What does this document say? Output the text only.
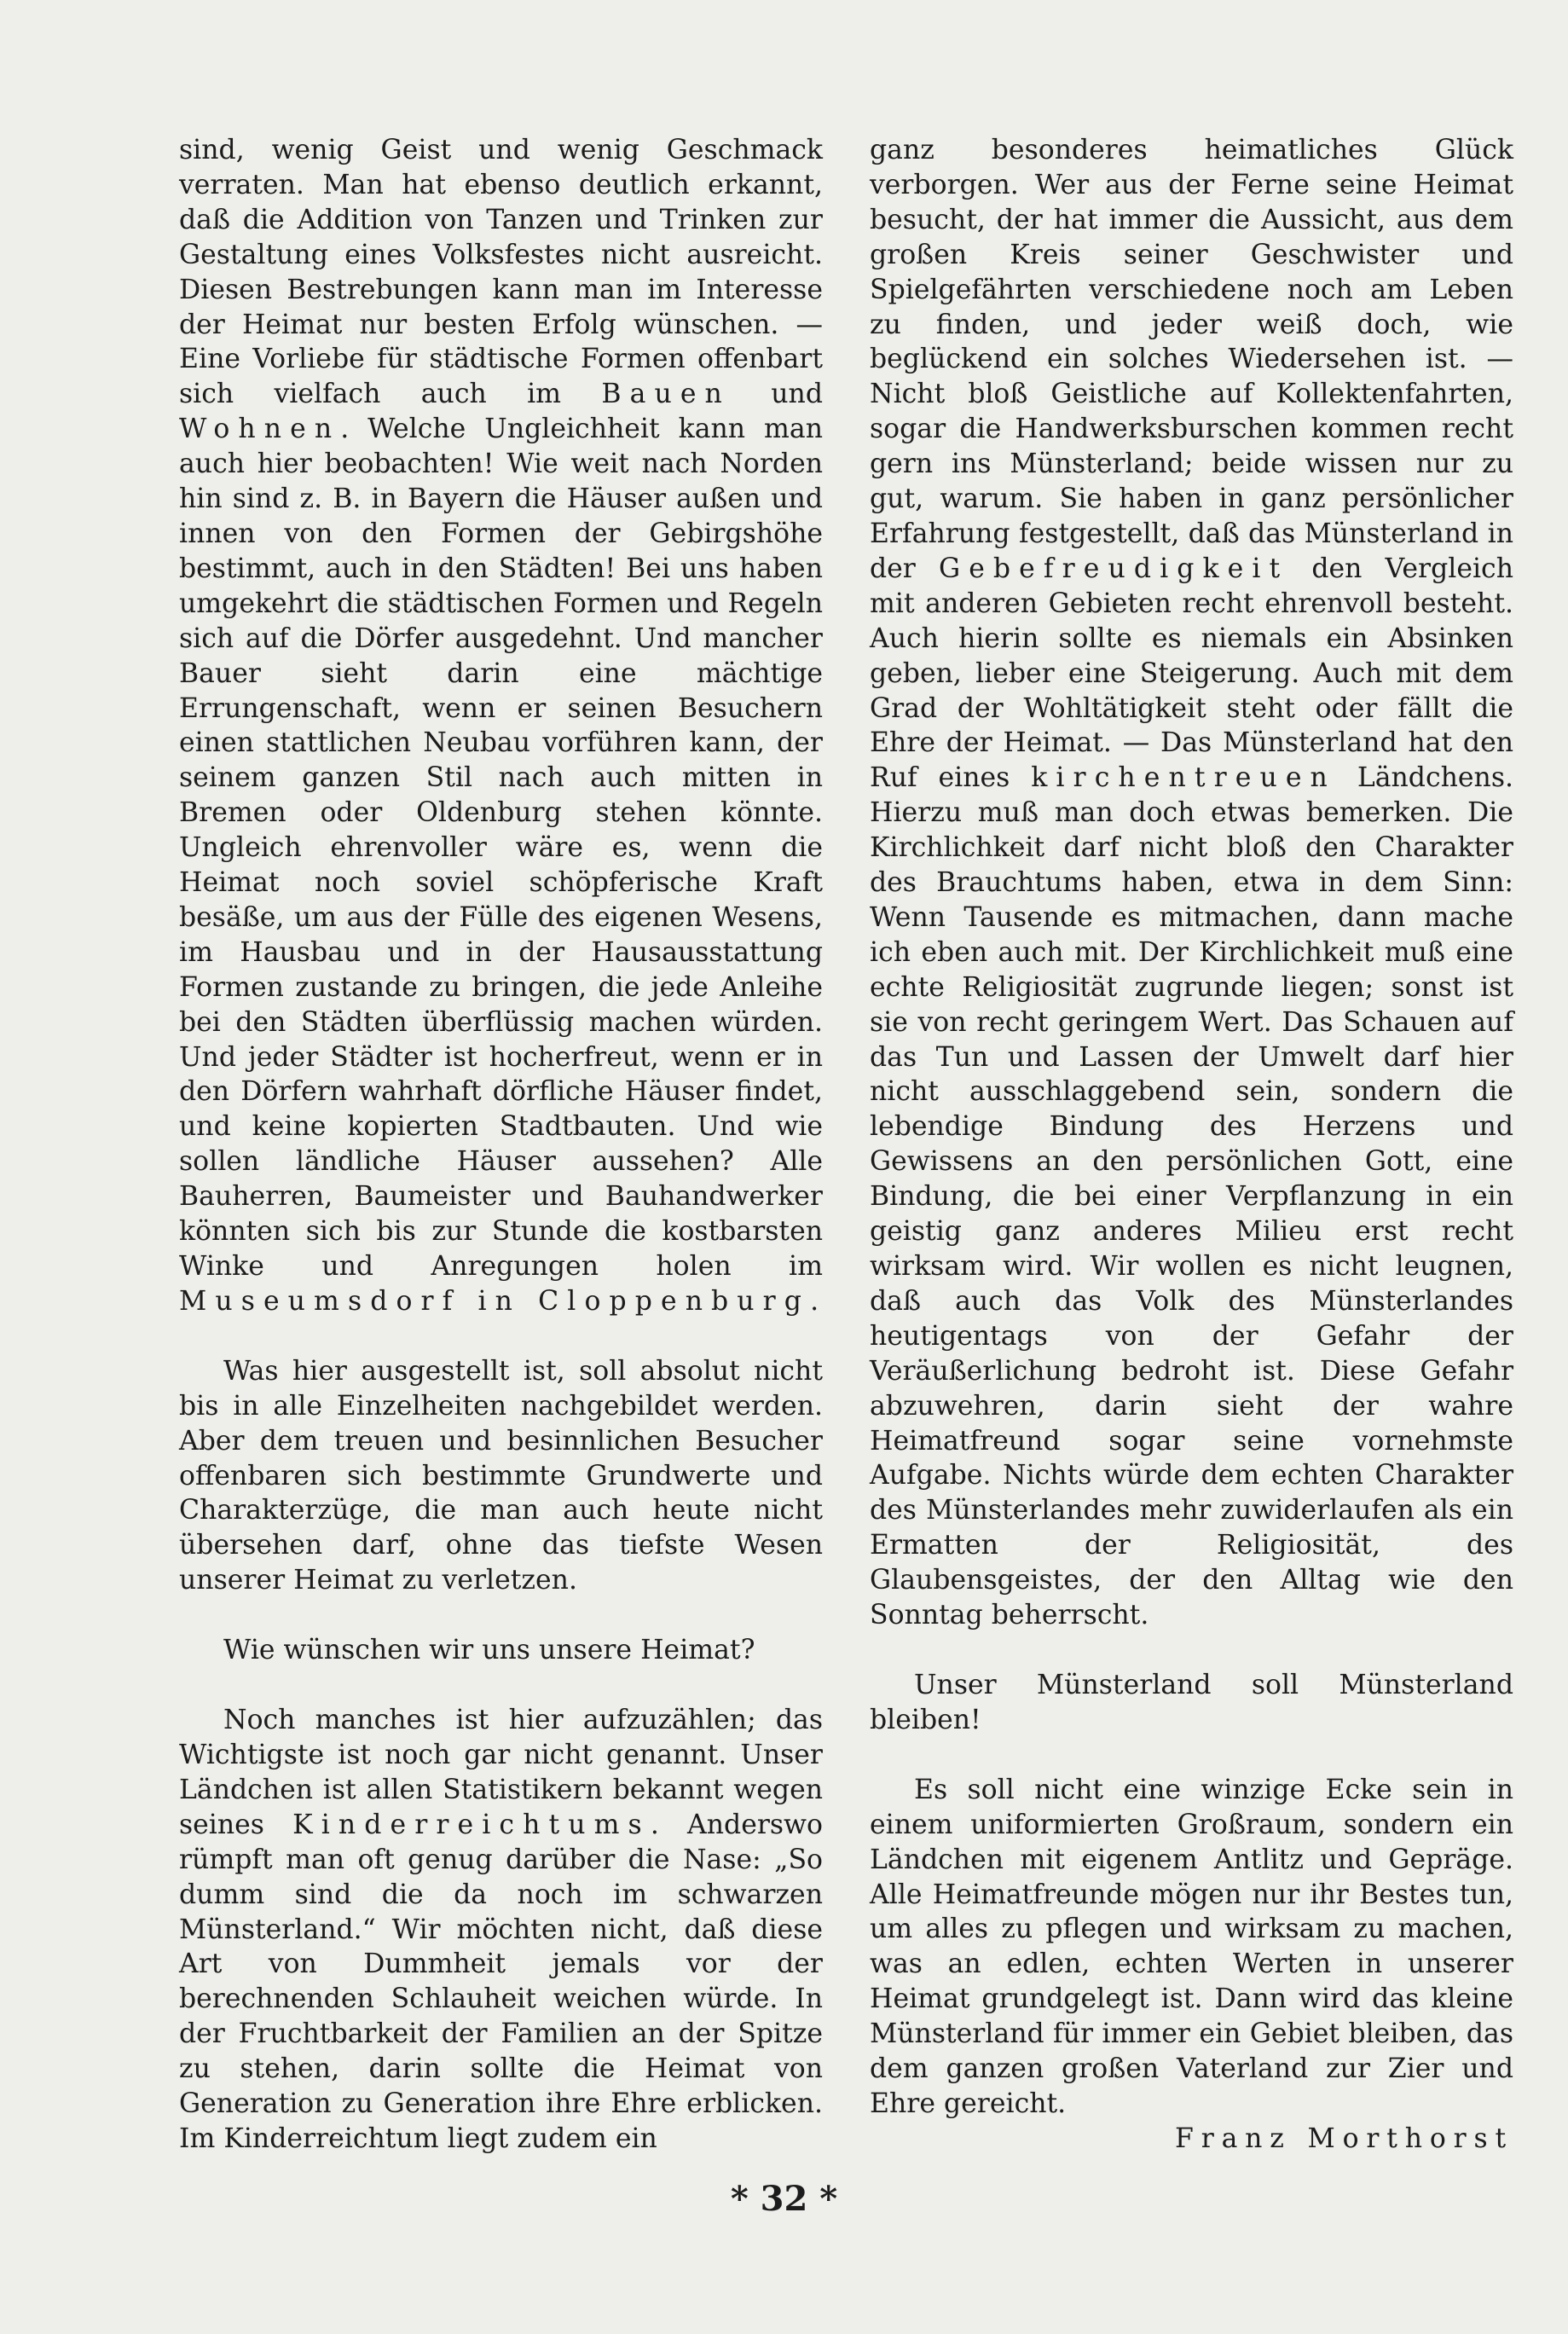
sind, wenig Geist und wenig Geschmack verraten. Man hat ebenso deutlich erkannt, daß die Addition von Tanzen und Trinken zur Gestaltung eines Volksfestes nicht ausreicht. Diesen Bestrebungen kann man im Interesse der Heimat nur besten Erfolg wünschen. — Eine Vorliebe für städtische Formen offenbart sich vielfach auch im Bauen und Wohnen. Welche Ungleichheit kann man auch hier beobachten! Wie weit nach Norden hin sind z. B. in Bayern die Häuser außen und innen von den Formen der Gebirgshöhe bestimmt, auch in den Städten! Bei uns haben umgekehrt die städtischen Formen und Regeln sich auf die Dörfer ausgedehnt. Und mancher Bauer sieht darin eine mächtige Errungenschaft, wenn er seinen Besuchern einen stattlichen Neubau vorführen kann, der seinem ganzen Stil nach auch mitten in Bremen oder Oldenburg stehen könnte. Ungleich ehrenvoller wäre es, wenn die Heimat noch soviel schöpferische Kraft besäße, um aus der Fülle des eigenen Wesens, im Hausbau und in der Hausausstattung Formen zustande zu bringen, die jede Anleihe bei den Städten überflüssig machen würden. Und jeder Städter ist hocherfreut, wenn er in den Dörfern wahrhaft dörfliche Häuser findet, und keine kopierten Stadtbauten. Und wie sollen ländliche Häuser aussehen? Alle Bauherren, Baumeister und Bauhandwerker könnten sich bis zur Stunde die kostbarsten Winke und Anregungen holen im Museumsdorf in Cloppenburg.

Was hier ausgestellt ist, soll absolut nicht bis in alle Einzelheiten nachgebildet werden. Aber dem treuen und besinnlichen Besucher offenbaren sich bestimmte Grundwerte und Charakterzüge, die man auch heute nicht übersehen darf, ohne das tiefste Wesen unserer Heimat zu verletzen.

Wie wünschen wir uns unsere Heimat?

Noch manches ist hier aufzuzählen; das Wichtigste ist noch gar nicht genannt. Unser Ländchen ist allen Statistikern bekannt wegen seines Kinderreichtums. Anderswo rümpft man oft genug darüber die Nase: „So dumm sind die da noch im schwarzen Münsterland.“ Wir möchten nicht, daß diese Art von Dummheit jemals vor der berechnenden Schlauheit weichen würde. In der Fruchtbarkeit der Familien an der Spitze zu stehen, darin sollte die Heimat von Generation zu Generation ihre Ehre erblicken. Im Kinderreichtum liegt zudem ein

ganz besonderes heimatliches Glück verborgen. Wer aus der Ferne seine Heimat besucht, der hat immer die Aussicht, aus dem großen Kreis seiner Geschwister und Spielgefährten verschiedene noch am Leben zu finden, und jeder weiß doch, wie beglückend ein solches Wiedersehen ist. — Nicht bloß Geistliche auf Kollektenfahrten, sogar die Handwerksburschen kommen recht gern ins Münsterland; beide wissen nur zu gut, warum. Sie haben in ganz persönlicher Erfahrung festgestellt, daß das Münsterland in der Gebefreudigkeit den Vergleich mit anderen Gebieten recht ehrenvoll besteht. Auch hierin sollte es niemals ein Absinken geben, lieber eine Steigerung. Auch mit dem Grad der Wohltätigkeit steht oder fällt die Ehre der Heimat. — Das Münsterland hat den Ruf eines kirchentreuen Ländchens. Hierzu muß man doch etwas bemerken. Die Kirchlichkeit darf nicht bloß den Charakter des Brauchtums haben, etwa in dem Sinn: Wenn Tausende es mitmachen, dann mache ich eben auch mit. Der Kirchlichkeit muß eine echte Religiosität zugrunde liegen; sonst ist sie von recht geringem Wert. Das Schauen auf das Tun und Lassen der Umwelt darf hier nicht ausschlaggebend sein, sondern die lebendige Bindung des Herzens und Gewissens an den persönlichen Gott, eine Bindung, die bei einer Verpflanzung in ein geistig ganz anderes Milieu erst recht wirksam wird. Wir wollen es nicht leugnen, daß auch das Volk des Münsterlandes heutigentags von der Gefahr der Veräußerlichung bedroht ist. Diese Gefahr abzuwehren, darin sieht der wahre Heimatfreund sogar seine vornehmste Aufgabe. Nichts würde dem echten Charakter des Münsterlandes mehr zuwiderlaufen als ein Ermatten der Religiosität, des Glaubensgeistes, der den Alltag wie den Sonntag beherrscht.

Unser Münsterland soll Münsterland bleiben!

Es soll nicht eine winzige Ecke sein in einem uniformierten Großraum, sondern ein Ländchen mit eigenem Antlitz und Gepräge. Alle Heimatfreunde mögen nur ihr Bestes tun, um alles zu pflegen und wirksam zu machen, was an edlen, echten Werten in unserer Heimat grundgelegt ist. Dann wird das kleine Münsterland für immer ein Gebiet bleiben, das dem ganzen großen Vaterland zur Zier und Ehre gereicht.

Franz Morthorst

* 32 *
